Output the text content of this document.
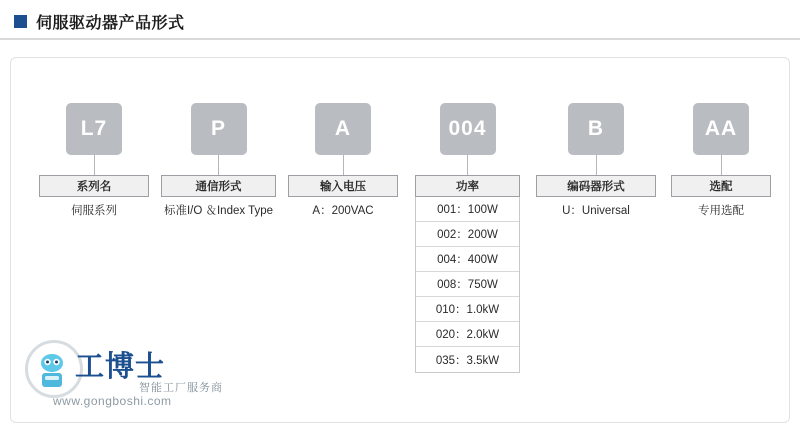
伺服驱动器产品形式
L7
系列名
伺服系列
P
通信形式
标准I/O ＆Index Type
A
输入电压
A：200VAC
004
功率
001：100W
002：200W
004：400W
008：750W
010：1.0kW
020：2.0kW
035：3.5kW
B
编码器形式
U：Universal
AA
选配
专用选配
工博士
智能工厂服务商
www.gongboshi.com
